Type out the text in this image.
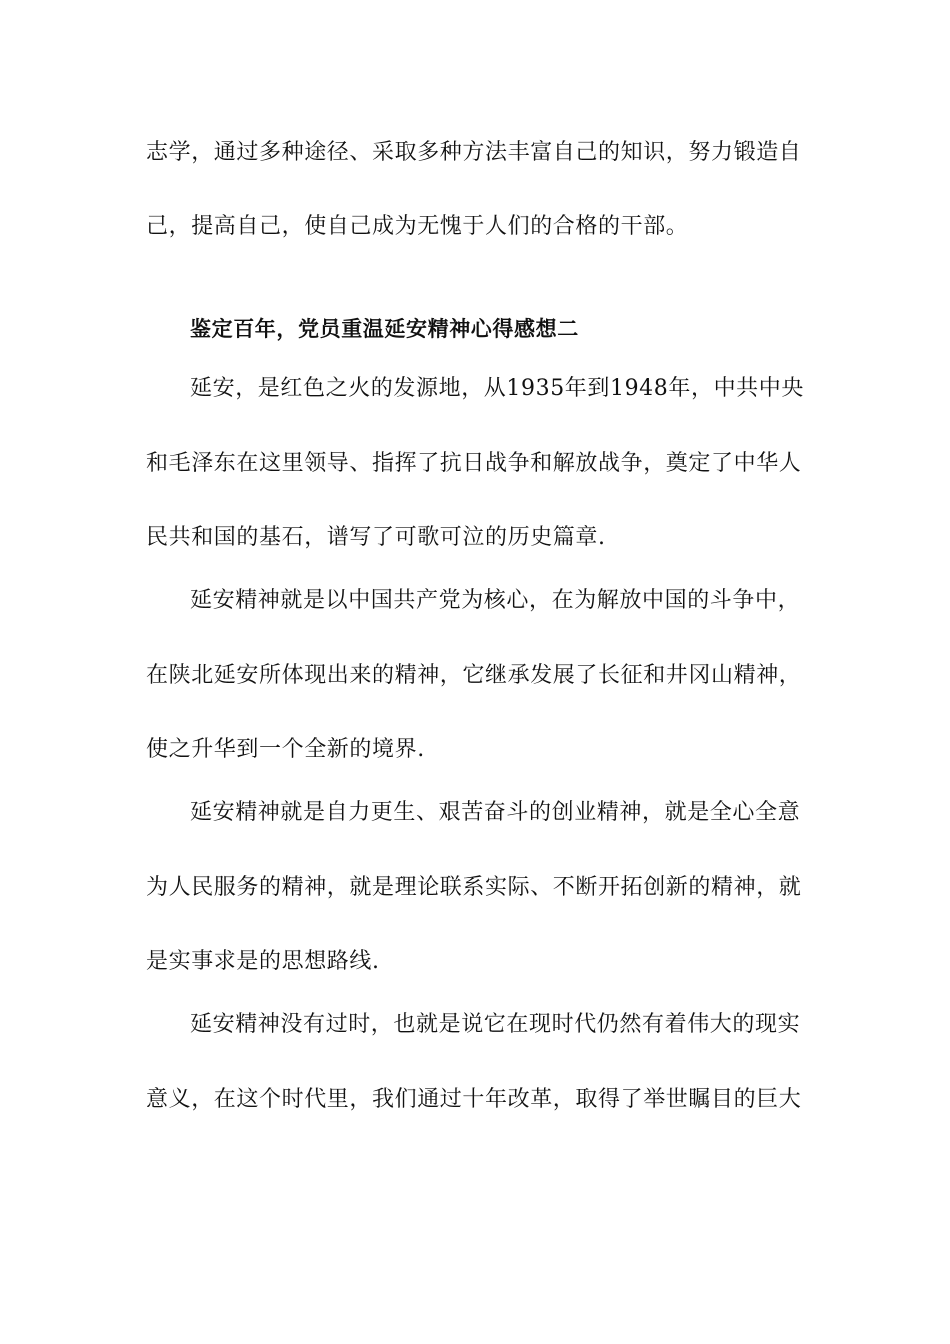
志学，通过多种途径、采取多种方法丰富自己的知识，努力锻造自
己，提高自己，使自己成为无愧于人们的合格的干部。
鉴定百年，党员重温延安精神心得感想二
延安，是红色之火的发源地，从1935年到1948年，中共中央
和毛泽东在这里领导、指挥了抗日战争和解放战争，奠定了中华人
民共和国的基石，谱写了可歌可泣的历史篇章.
延安精神就是以中国共产党为核心，在为解放中国的斗争中，
在陕北延安所体现出来的精神，它继承发展了长征和井冈山精神，
使之升华到一个全新的境界.
延安精神就是自力更生、艰苦奋斗的创业精神，就是全心全意
为人民服务的精神，就是理论联系实际、不断开拓创新的精神，就
是实事求是的思想路线.
延安精神没有过时，也就是说它在现时代仍然有着伟大的现实
意义，在这个时代里，我们通过十年改革，取得了举世瞩目的巨大
